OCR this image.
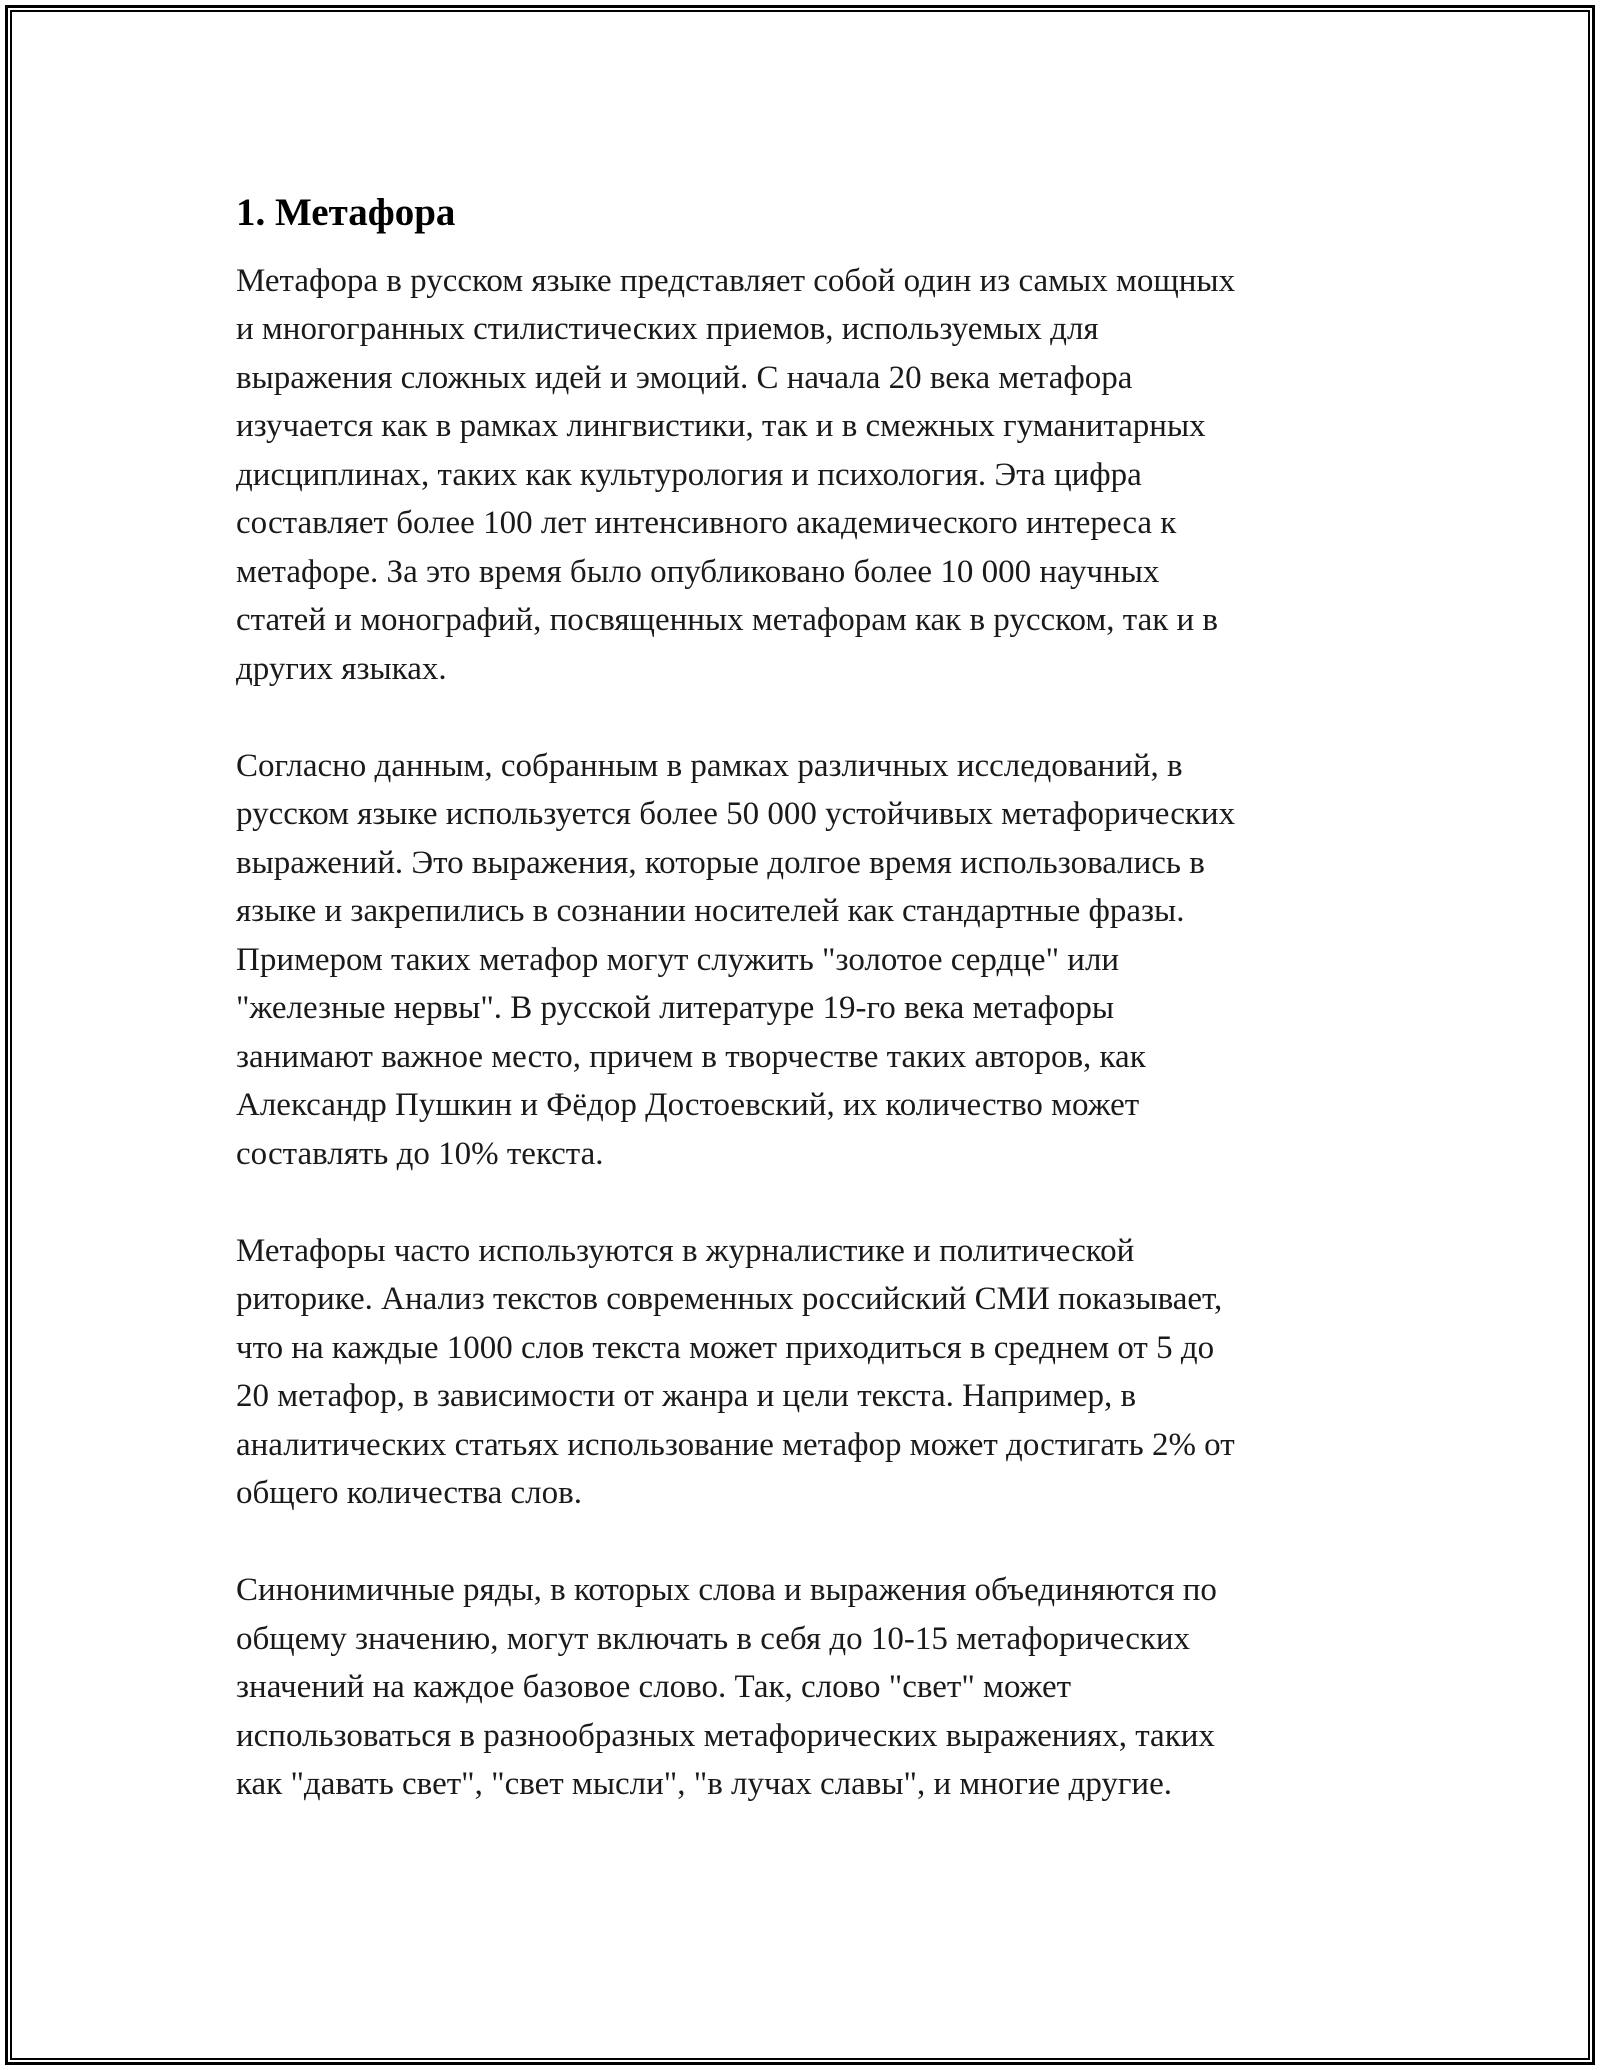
1. Метафора

Метафора в русском языке представляет собой один из самых мощных
и многогранных стилистических приемов, используемых для
выражения сложных идей и эмоций. С начала 20 века метафора
изучается как в рамках лингвистики, так и в смежных гуманитарных
дисциплинах, таких как культурология и психология. Эта цифра
составляет более 100 лет интенсивного академического интереса к
метафоре. За это время было опубликовано более 10 000 научных
статей и монографий, посвященных метафорам как в русском, так и в
других языках.

Согласно данным, собранным в рамках различных исследований, в
русском языке используется более 50 000 устойчивых метафорических
выражений. Это выражения, которые долгое время использовались в
языке и закрепились в сознании носителей как стандартные фразы.
Примером таких метафор могут служить "золотое сердце" или
"железные нервы". В русской литературе 19-го века метафоры
занимают важное место, причем в творчестве таких авторов, как
Александр Пушкин и Фёдор Достоевский, их количество может
составлять до 10% текста.

Метафоры часто используются в журналистике и политической
риторике. Анализ текстов современных российский СМИ показывает,
что на каждые 1000 слов текста может приходиться в среднем от 5 до
20 метафор, в зависимости от жанра и цели текста. Например, в
аналитических статьях использование метафор может достигать 2% от
общего количества слов.

Синонимичные ряды, в которых слова и выражения объединяются по
общему значению, могут включать в себя до 10-15 метафорических
значений на каждое базовое слово. Так, слово "свет" может
использоваться в разнообразных метафорических выражениях, таких
как "давать свет", "свет мысли", "в лучах славы", и многие другие.
